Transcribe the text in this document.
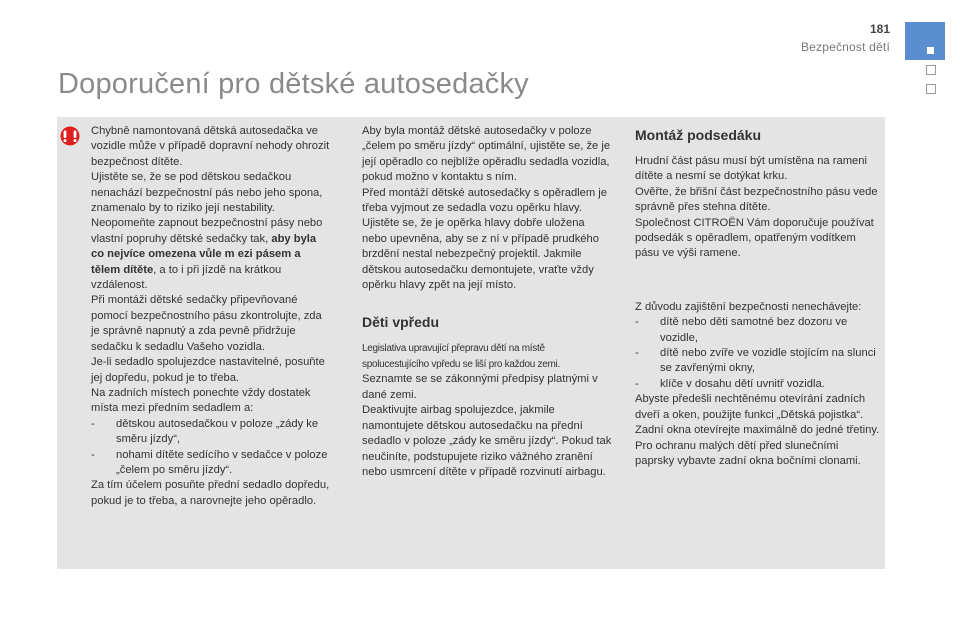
181
Bezpečnost dětí
Doporučení pro dětské autosedačky

Chybně namontovaná dětská autosedačka ve vozidle může v případě dopravní nehody ohrozit bezpečnost dítěte.

Ujistěte se, že se pod dětskou sedačkou nenachází bezpečnostní pás nebo jeho spona, znamenalo by to riziko její nestability.

Neopomeňte zapnout bezpečnostní pásy nebo vlastní popruhy dětské sedačky tak, aby byla co nejvíce omezena vůle m ezi pásem a tělem dítěte, a to i při jízdě na krátkou vzdálenost.

Při montáži dětské sedačky připevňované pomocí bezpečnostního pásu zkontrolujte, zda je správně napnutý a zda pevně přidržuje sedačku k sedadlu Vašeho vozidla.

Je-li sedadlo spolujezdce nastavitelné, posuňte jej dopředu, pokud je to třeba.

Na zadních místech ponechte vždy dostatek místa mezi předním sedadlem a:

- dětskou autosedačkou v poloze „zády ke směru jízdy“,
- nohami dítěte sedícího v sedačce v poloze „čelem po směru jízdy“.

Za tím účelem posuňte přední sedadlo dopředu, pokud je to třeba, a narovnejte jeho opěradlo.

Aby byla montáž dětské autosedačky v poloze „čelem po směru jízdy“ optimální, ujistěte se, že je její opěradlo co nejblíže opěradlu sedadla vozidla, pokud možno v kontaktu s ním.

Před montáží dětské autosedačky s opěradlem je třeba vyjmout ze sedadla vozu opěrku hlavy. Ujistěte se, že je opěrka hlavy dobře uložena nebo upevněna, aby se z ní v případě prudkého brzdění nestal nebezpečný projektil. Jakmile dětskou autosedačku demontujete, vraťte vždy opěrku hlavy zpět na její místo.

Děti vpředu

Legislativa upravující přepravu dětí na místě spolucestujícího vpředu se liší pro každou zemi.

Seznamte se se zákonnými předpisy platnými v dané zemi.

Deaktivujte airbag spolujezdce, jakmile namontujete dětskou autosedačku na přední sedadlo v poloze „zády ke směru jízdy“. Pokud tak neučiníte, podstupujete riziko vážného zranění nebo usmrcení dítěte v případě rozvinutí airbagu.

Montáž podsedáku

Hrudní část pásu musí být umístěna na rameni dítěte a nesmí se dotýkat krku.

Ověřte, že břišní část bezpečnostního pásu vede správně přes stehna dítěte.

Společnost CITROËN Vám doporučuje používat podsedák s opěradlem, opatřeným vodítkem pásu ve výši ramene.

Z důvodu zajištění bezpečnosti nenechávejte:

- dítě nebo děti samotné bez dozoru ve vozidle,
- dítě nebo zvíře ve vozidle stojícím na slunci se zavřenými okny,
- klíče v dosahu dětí uvnitř vozidla.

Abyste předešli nechtěnému otevírání zadních dveří a oken, použijte funkci „Dětská pojistka“.

Zadní okna otevírejte maximálně do jedné třetiny.

Pro ochranu malých dětí před slunečními paprsky vybavte zadní okna bočními clonami.
